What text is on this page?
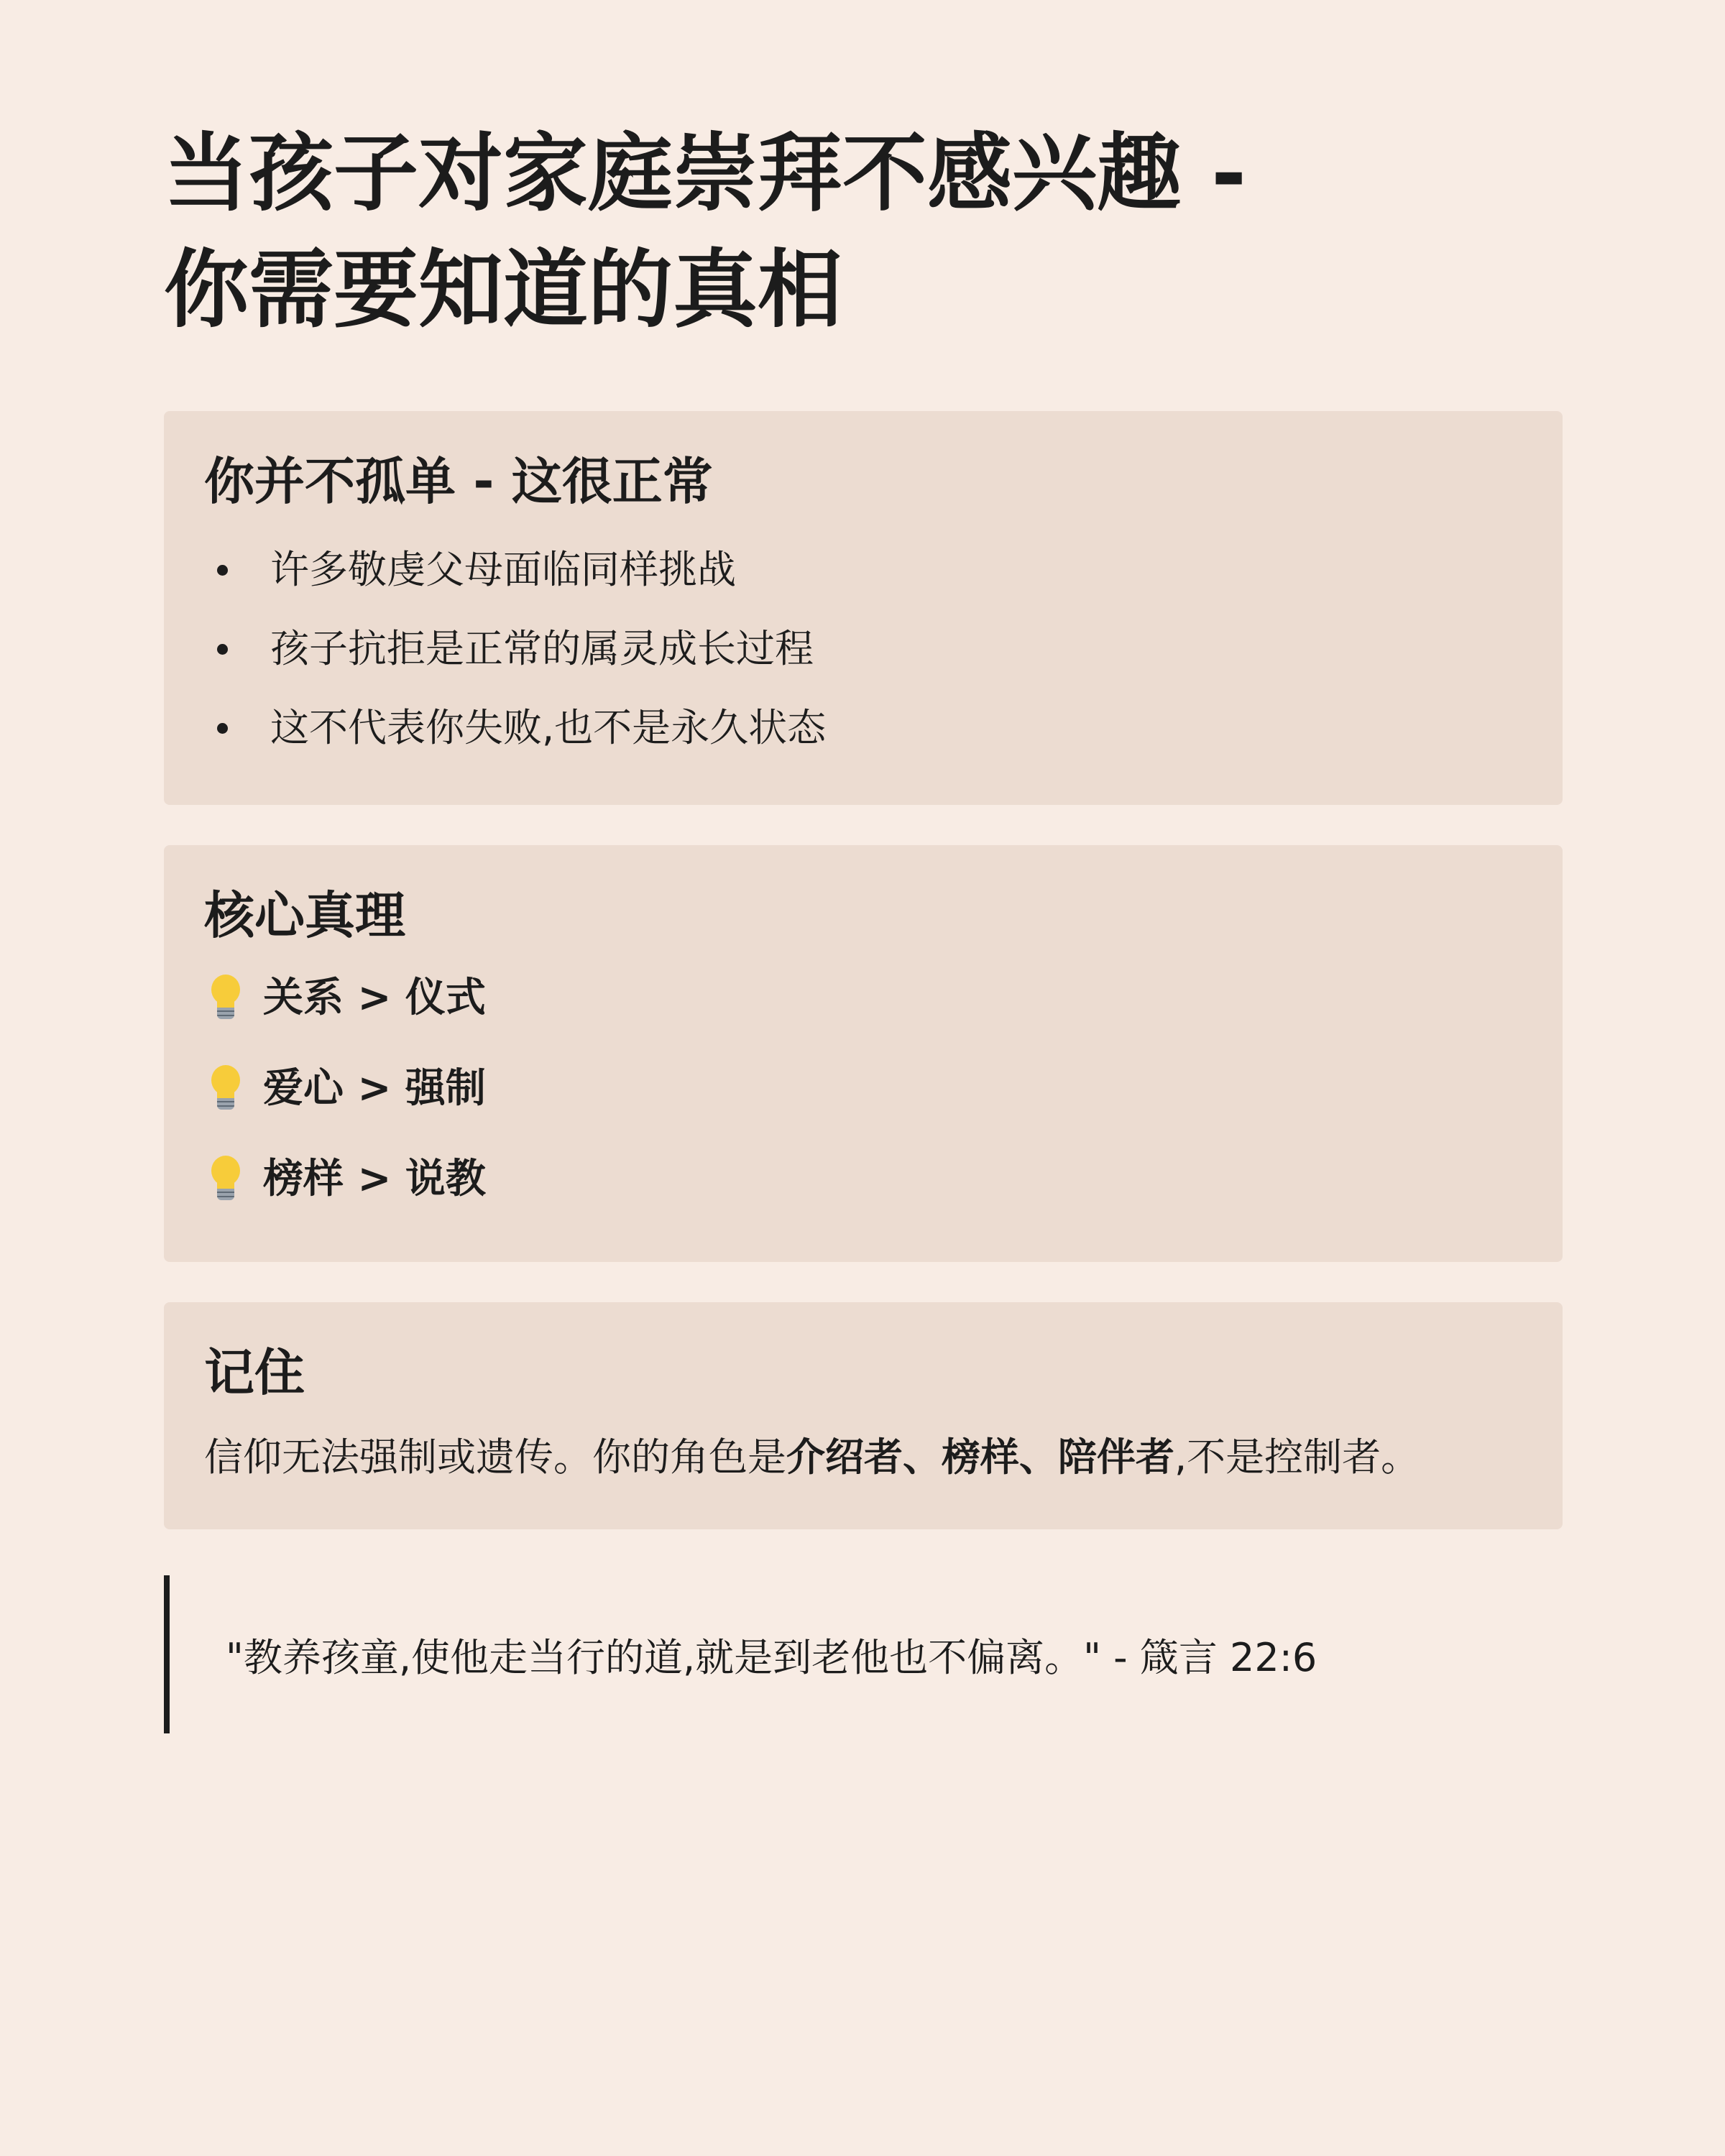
当孩子对家庭崇拜不感兴趣 -
你需要知道的真相
你并不孤单 - 这很正常
许多敬虔父母面临同样挑战
孩子抗拒是正常的属灵成长过程
这不代表你失败,也不是永久状态
核心真理
关系 > 仪式
爱心 > 强制
榜样 > 说教
记住

信仰无法强制或遗传。你的角色是介绍者、榜样、陪伴者,不是控制者。

"教养孩童,使他走当行的道,就是到老他也不偏离。" - 箴言 22:6
